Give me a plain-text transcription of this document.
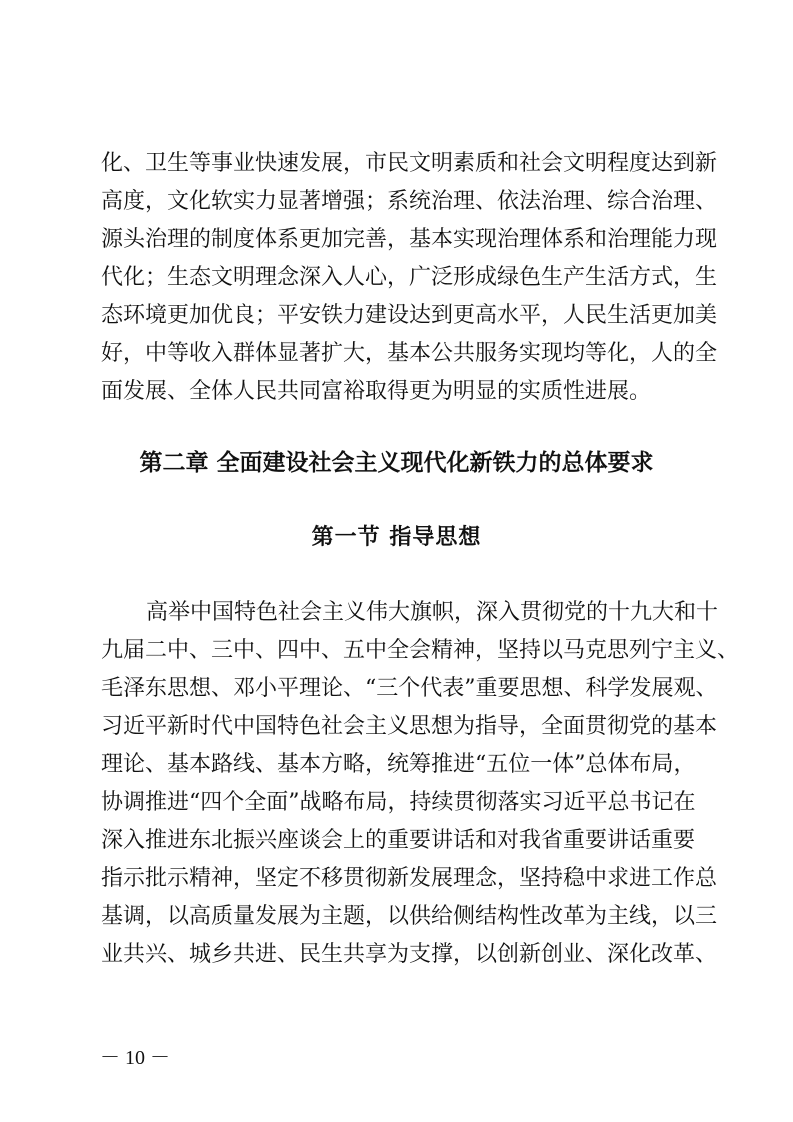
化、卫生等事业快速发展，市民文明素质和社会文明程度达到新
高度，文化软实力显著增强；系统治理、依法治理、综合治理、
源头治理的制度体系更加完善，基本实现治理体系和治理能力现
代化；生态文明理念深入人心，广泛形成绿色生产生活方式，生
态环境更加优良；平安铁力建设达到更高水平，人民生活更加美
好，中等收入群体显著扩大，基本公共服务实现均等化，人的全
面发展、全体人民共同富裕取得更为明显的实质性进展。
第二章 全面建设社会主义现代化新铁力的总体要求
第一节 指导思想
高举中国特色社会主义伟大旗帜，深入贯彻党的十九大和十
九届二中、三中、四中、五中全会精神，坚持以马克思列宁主义、
毛泽东思想、邓小平理论、“三个代表”重要思想、科学发展观、
习近平新时代中国特色社会主义思想为指导，全面贯彻党的基本
理论、基本路线、基本方略，统筹推进“五位一体”总体布局，
协调推进“四个全面”战略布局，持续贯彻落实习近平总书记在
深入推进东北振兴座谈会上的重要讲话和对我省重要讲话重要
指示批示精神，坚定不移贯彻新发展理念，坚持稳中求进工作总
基调，以高质量发展为主题，以供给侧结构性改革为主线，以三
业共兴、城乡共进、民生共享为支撑，以创新创业、深化改革、
－ 10 －
